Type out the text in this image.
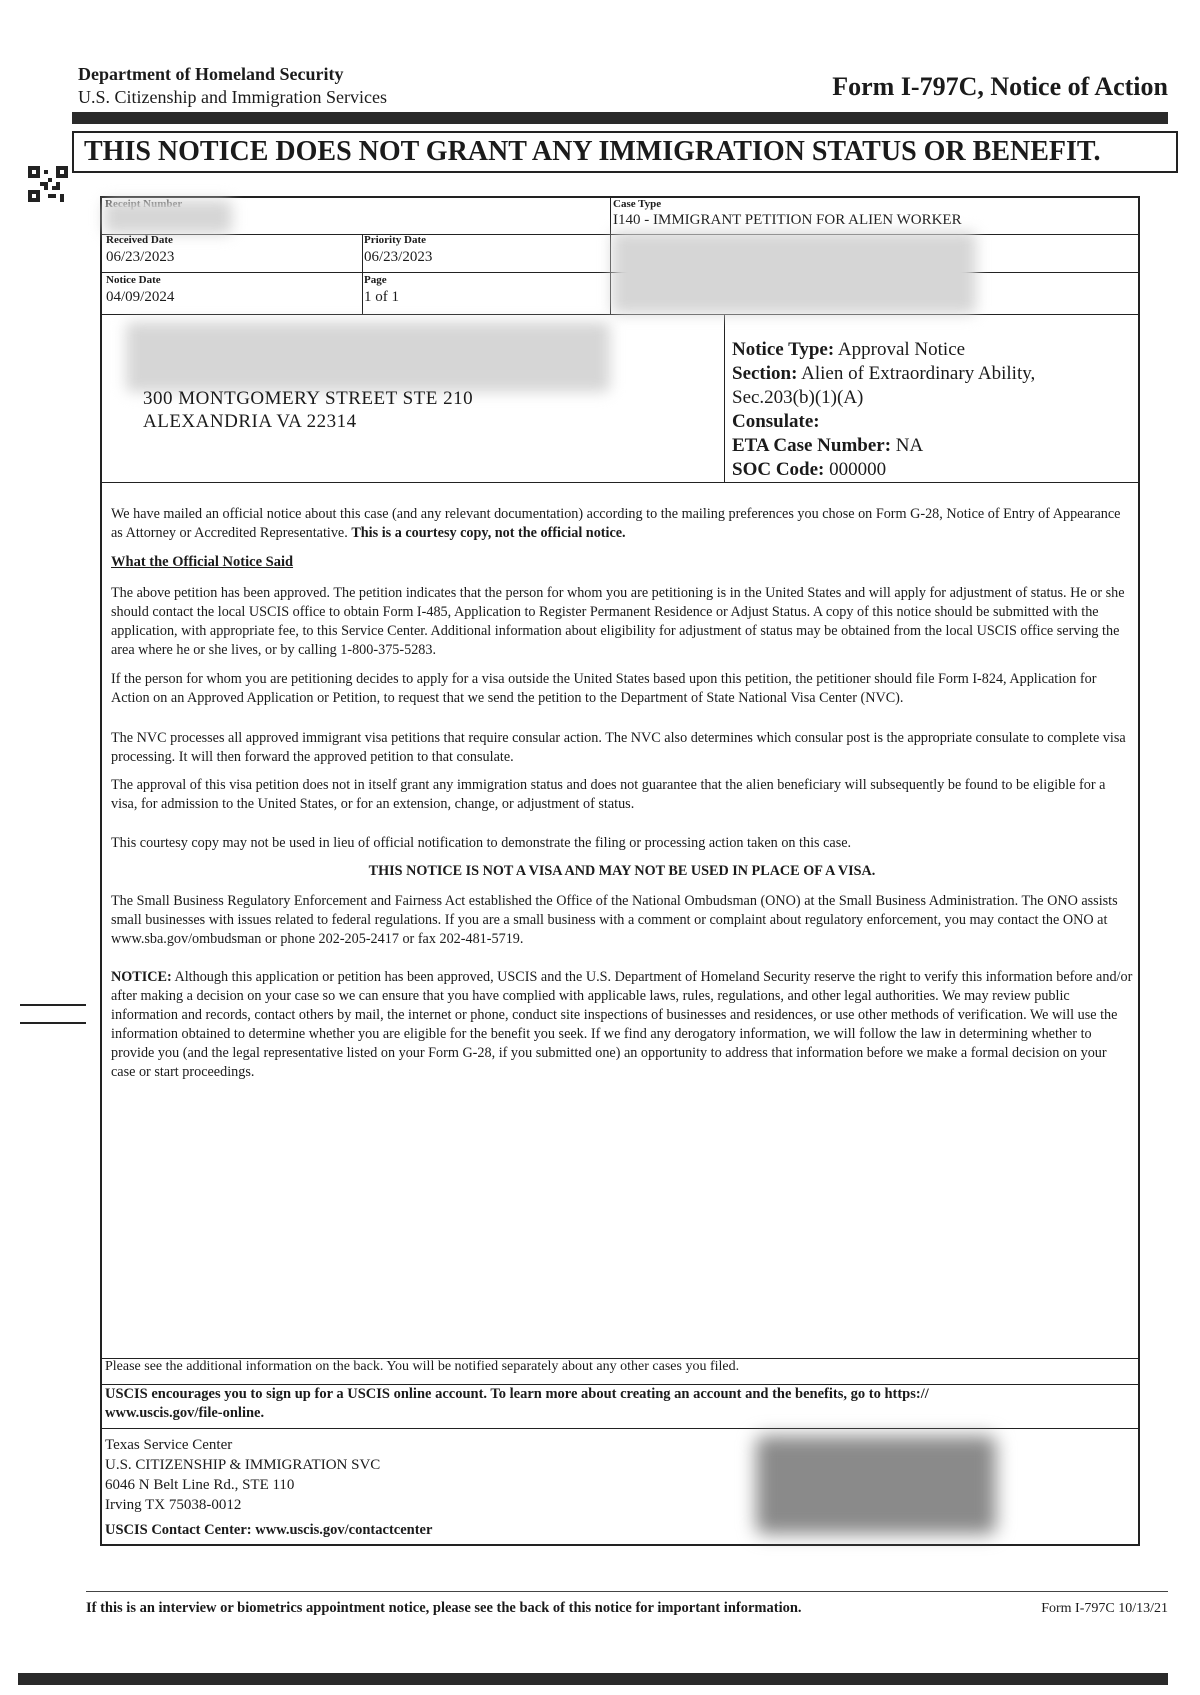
Department of Homeland Security
U.S. Citizenship and Immigration Services	Form I-797C, Notice of Action
THIS NOTICE DOES NOT GRANT ANY IMMIGRATION STATUS OR BENEFIT.
Case Type
I140 - IMMIGRANT PETITION FOR ALIEN WORKER
Received Date
06/23/2023
Priority Date
06/23/2023
Notice Date
04/09/2024
Page
1 of 1
300 MONTGOMERY STREET STE 210
ALEXANDRIA VA 22314
Notice Type: Approval Notice
Section: Alien of Extraordinary Ability,
Sec.203(b)(1)(A)
Consulate:
ETA Case Number: NA
SOC Code: 000000

We have mailed an official notice about this case (and any relevant documentation) according to the mailing preferences you chose on Form G-28, Notice of Entry of Appearance as Attorney or Accredited Representative. This is a courtesy copy, not the official notice.

What the Official Notice Said

The above petition has been approved. The petition indicates that the person for whom you are petitioning is in the United States and will apply for adjustment of status. He or she should contact the local USCIS office to obtain Form I-485, Application to Register Permanent Residence or Adjust Status. A copy of this notice should be submitted with the application, with appropriate fee, to this Service Center. Additional information about eligibility for adjustment of status may be obtained from the local USCIS office serving the area where he or she lives, or by calling 1-800-375-5283.

If the person for whom you are petitioning decides to apply for a visa outside the United States based upon this petition, the petitioner should file Form I-824, Application for Action on an Approved Application or Petition, to request that we send the petition to the Department of State National Visa Center (NVC).

The NVC processes all approved immigrant visa petitions that require consular action. The NVC also determines which consular post is the appropriate consulate to complete visa processing. It will then forward the approved petition to that consulate.

The approval of this visa petition does not in itself grant any immigration status and does not guarantee that the alien beneficiary will subsequently be found to be eligible for a visa, for admission to the United States, or for an extension, change, or adjustment of status.

This courtesy copy may not be used in lieu of official notification to demonstrate the filing or processing action taken on this case.

THIS NOTICE IS NOT A VISA AND MAY NOT BE USED IN PLACE OF A VISA.

The Small Business Regulatory Enforcement and Fairness Act established the Office of the National Ombudsman (ONO) at the Small Business Administration. The ONO assists small businesses with issues related to federal regulations. If you are a small business with a comment or complaint about regulatory enforcement, you may contact the ONO at www.sba.gov/ombudsman or phone 202-205-2417 or fax 202-481-5719.

NOTICE: Although this application or petition has been approved, USCIS and the U.S. Department of Homeland Security reserve the right to verify this information before and/or after making a decision on your case so we can ensure that you have complied with applicable laws, rules, regulations, and other legal authorities. We may review public information and records, contact others by mail, the internet or phone, conduct site inspections of businesses and residences, or use other methods of verification. We will use the information obtained to determine whether you are eligible for the benefit you seek. If we find any derogatory information, we will follow the law in determining whether to provide you (and the legal representative listed on your Form G-28, if you submitted one) an opportunity to address that information before we make a formal decision on your case or start proceedings.

Please see the additional information on the back. You will be notified separately about any other cases you filed.
USCIS encourages you to sign up for a USCIS online account. To learn more about creating an account and the benefits, go to https:// www.uscis.gov/file-online.
Texas Service Center
U.S. CITIZENSHIP & IMMIGRATION SVC
6046 N Belt Line Rd., STE 110
Irving TX 75038-0012
USCIS Contact Center: www.uscis.gov/contactcenter
If this is an interview or biometrics appointment notice, please see the back of this notice for important information.	Form I-797C 10/13/21
